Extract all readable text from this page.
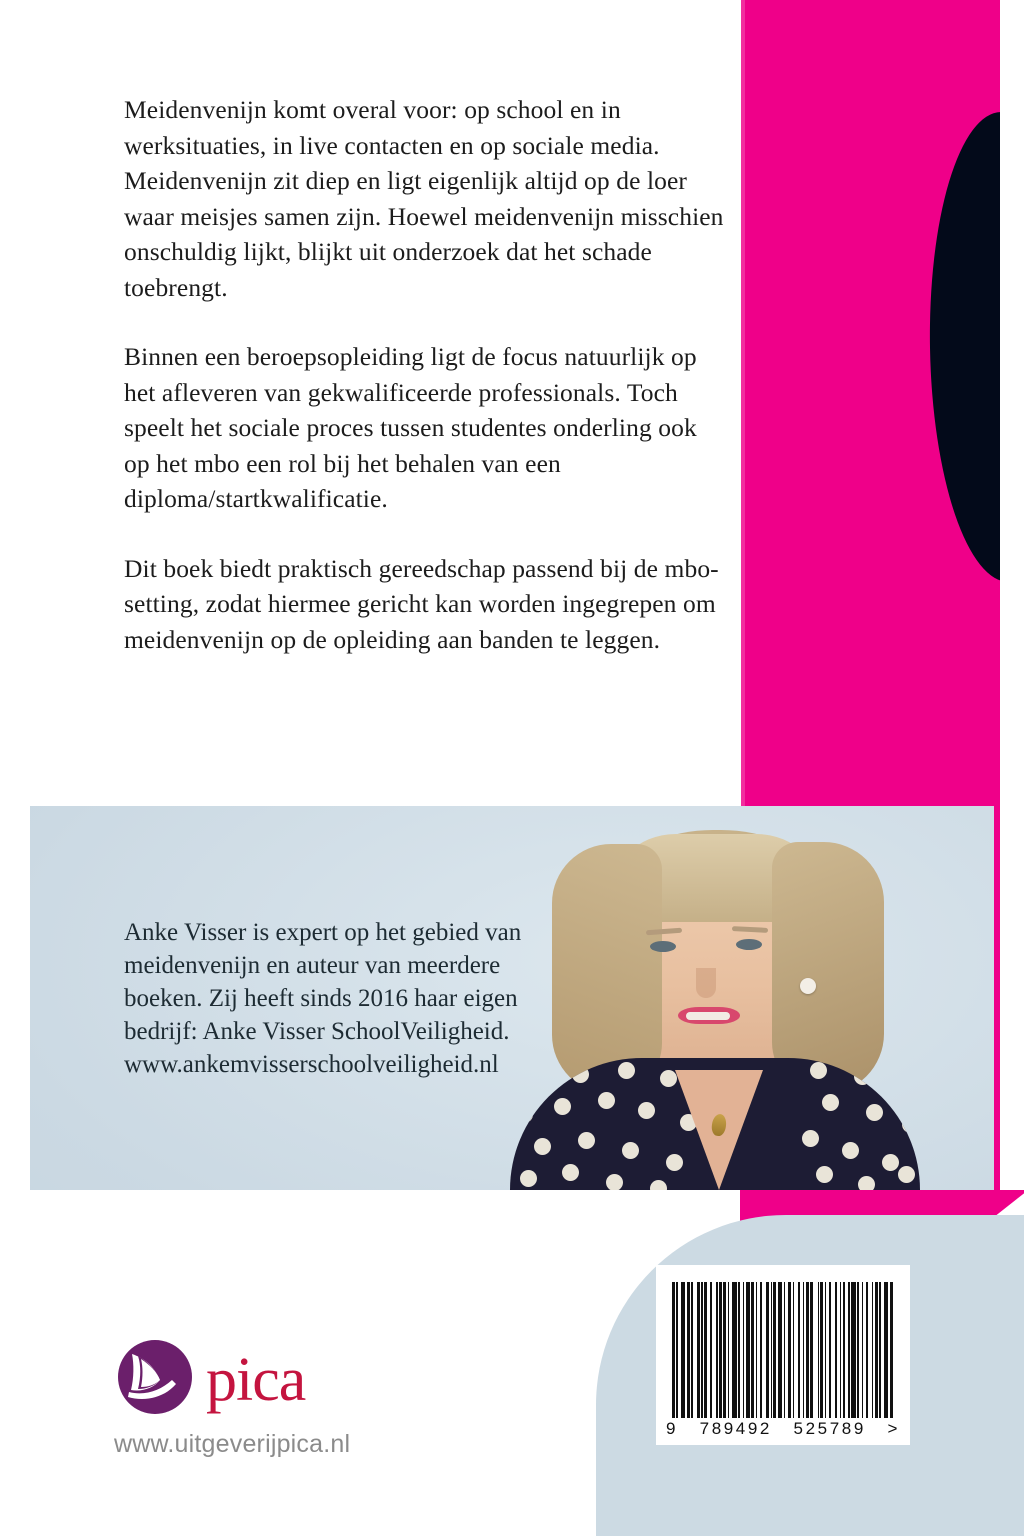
Meidenvenijn komt overal voor: op school en in werksituaties, in live contacten en op sociale media. Meidenvenijn zit diep en ligt eigenlijk altijd op de loer waar meisjes samen zijn. Hoewel meidenvenijn misschien onschuldig lijkt, blijkt uit onderzoek dat het schade toebrengt.

Binnen een beroepsopleiding ligt de focus natuurlijk op het afleveren van gekwalificeerde professionals. Toch speelt het sociale proces tussen studentes onderling ook op het mbo een rol bij het behalen van een diploma/startkwalificatie.

Dit boek biedt praktisch gereedschap passend bij de mbo-setting, zodat hiermee gericht kan worden ingegrepen om meidenvenijn op de opleiding aan banden te leggen.

Anke Visser is expert op het gebied van meidenvenijn en auteur van meerdere boeken. Zij heeft sinds 2016 haar eigen bedrijf: Anke Visser SchoolVeiligheid. www.ankemvisserschoolveiligheid.nl

9 789492 525789 >
pica
www.uitgeverijpica.nl
